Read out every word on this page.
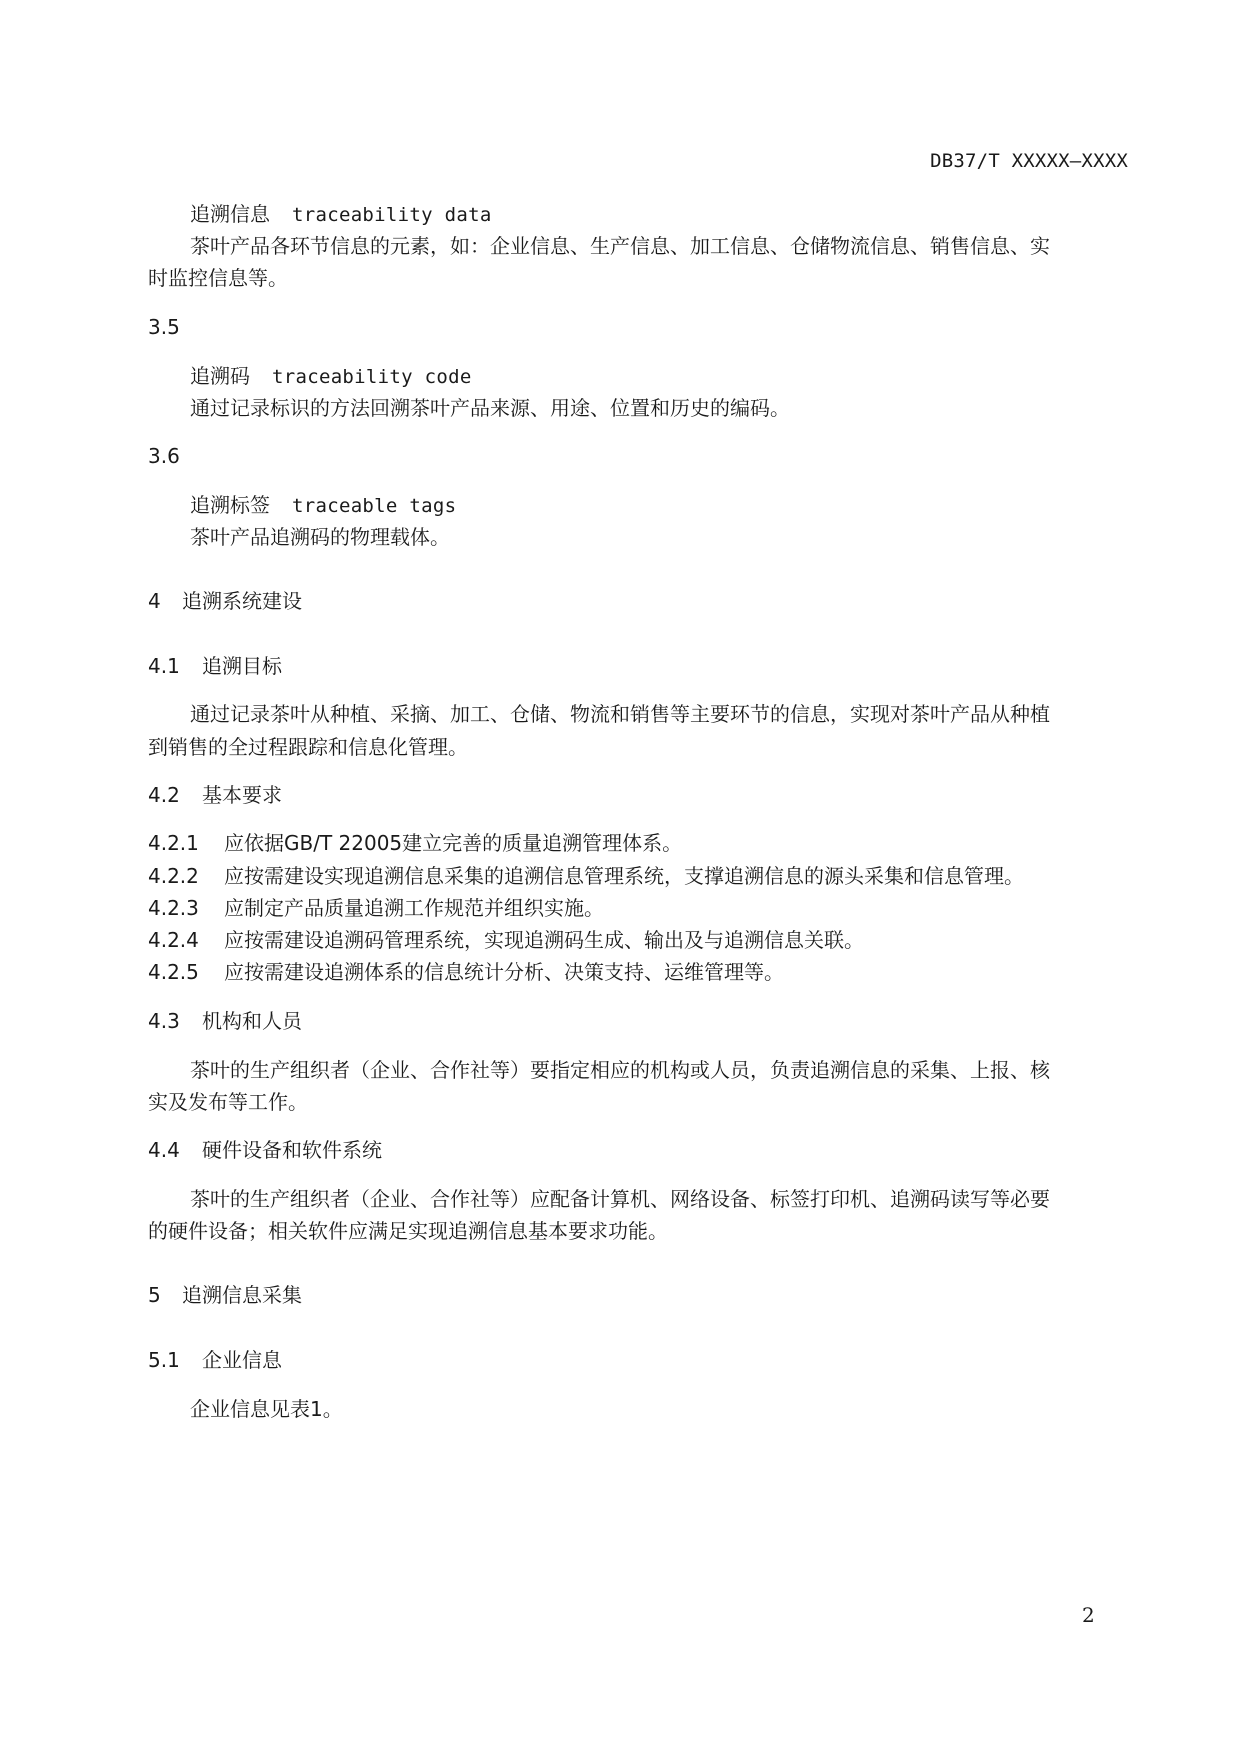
DB37/T XXXXX—XXXX
追溯信息 traceability data
茶叶产品各环节信息的元素，如：企业信息、生产信息、加工信息、仓储物流信息、销售信息、实
时监控信息等。
3.5
追溯码 traceability code
通过记录标识的方法回溯茶叶产品来源、用途、位置和历史的编码。
3.6
追溯标签 traceable tags
茶叶产品追溯码的物理载体。
4 追溯系统建设
4.1 追溯目标
通过记录茶叶从种植、采摘、加工、仓储、物流和销售等主要环节的信息，实现对茶叶产品从种植
到销售的全过程跟踪和信息化管理。
4.2 基本要求
4.2.1 应依据GB/T 22005建立完善的质量追溯管理体系。
4.2.2 应按需建设实现追溯信息采集的追溯信息管理系统，支撑追溯信息的源头采集和信息管理。
4.2.3 应制定产品质量追溯工作规范并组织实施。
4.2.4 应按需建设追溯码管理系统，实现追溯码生成、输出及与追溯信息关联。
4.2.5 应按需建设追溯体系的信息统计分析、决策支持、运维管理等。
4.3 机构和人员
茶叶的生产组织者（企业、合作社等）要指定相应的机构或人员，负责追溯信息的采集、上报、核
实及发布等工作。
4.4 硬件设备和软件系统
茶叶的生产组织者（企业、合作社等）应配备计算机、网络设备、标签打印机、追溯码读写等必要
的硬件设备；相关软件应满足实现追溯信息基本要求功能。
5 追溯信息采集
5.1 企业信息
企业信息见表1。
2
